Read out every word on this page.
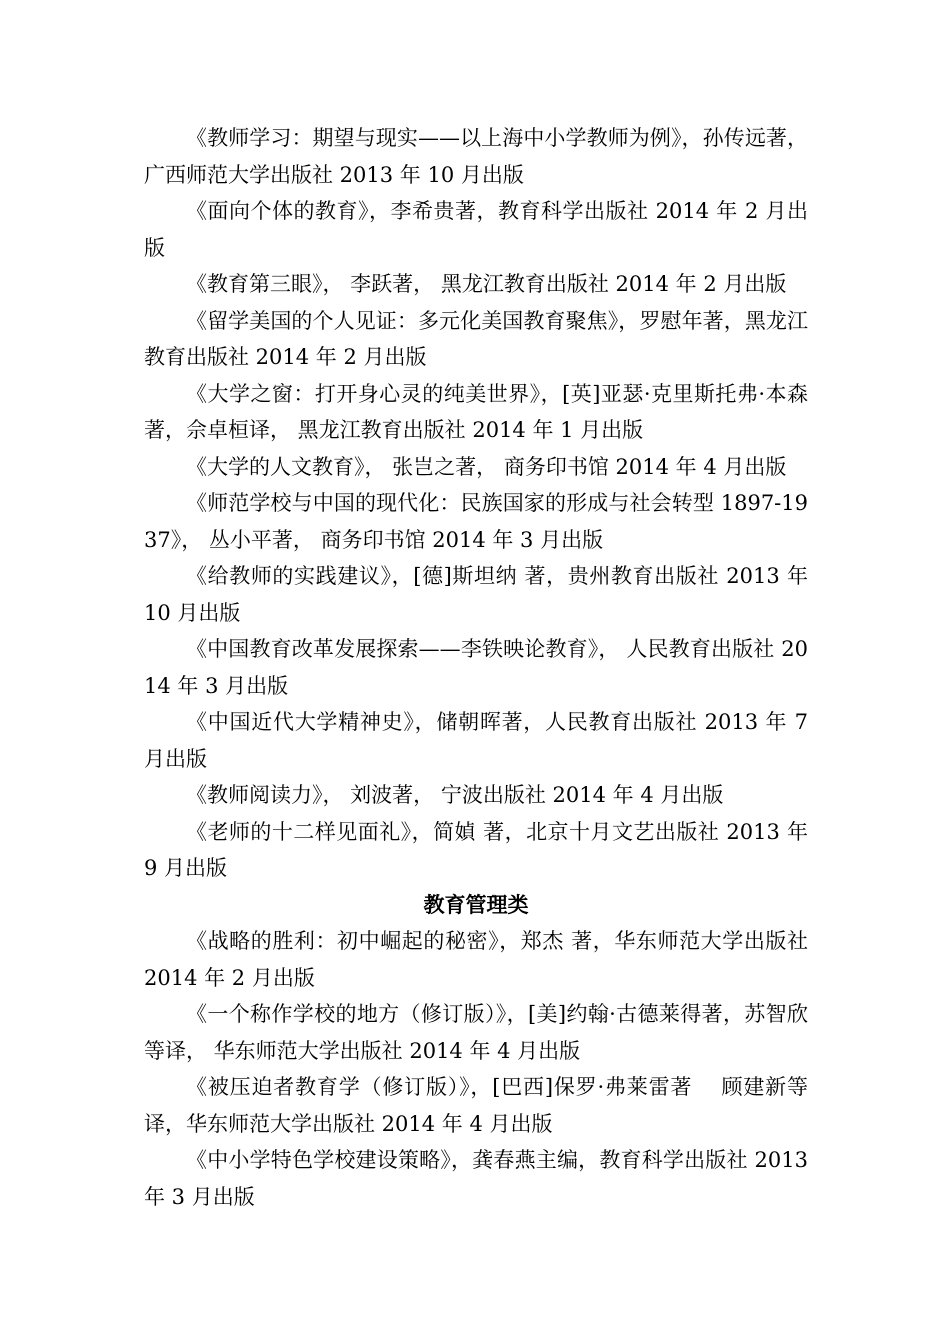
《教师学习：期望与现实——以上海中小学教师为例》，孙传远著，广西师范大学出版社 2013 年 10 月出版

《面向个体的教育》，李希贵著，教育科学出版社 2014 年 2 月出版

《教育第三眼》， 李跃著， 黑龙江教育出版社 2014 年 2 月出版

《留学美国的个人见证：多元化美国教育聚焦》，罗慰年著，黑龙江教育出版社 2014 年 2 月出版

《大学之窗：打开身心灵的纯美世界》，[英]亚瑟·克里斯托弗·本森著，佘卓桓译， 黑龙江教育出版社 2014 年 1 月出版

《大学的人文教育》， 张岂之著， 商务印书馆 2014 年 4 月出版

《师范学校与中国的现代化：民族国家的形成与社会转型 1897-1937》， 丛小平著， 商务印书馆 2014 年 3 月出版

《给教师的实践建议》，[德]斯坦纳 著，贵州教育出版社 2013 年 10 月出版

《中国教育改革发展探索——李铁映论教育》， 人民教育出版社 2014 年 3 月出版

《中国近代大学精神史》，储朝晖著，人民教育出版社 2013 年 7 月出版

《教师阅读力》， 刘波著， 宁波出版社 2014 年 4 月出版

《老师的十二样见面礼》，简媜 著，北京十月文艺出版社 2013 年 9 月出版

教育管理类

《战略的胜利：初中崛起的秘密》，郑杰 著，华东师范大学出版社 2014 年 2 月出版

《一个称作学校的地方（修订版）》，[美]约翰·古德莱得著，苏智欣等译， 华东师范大学出版社 2014 年 4 月出版

《被压迫者教育学（修订版）》，[巴西]保罗·弗莱雷著 　顾建新等译，华东师范大学出版社 2014 年 4 月出版

《中小学特色学校建设策略》，龚春燕主编，教育科学出版社 2013 年 3 月出版
